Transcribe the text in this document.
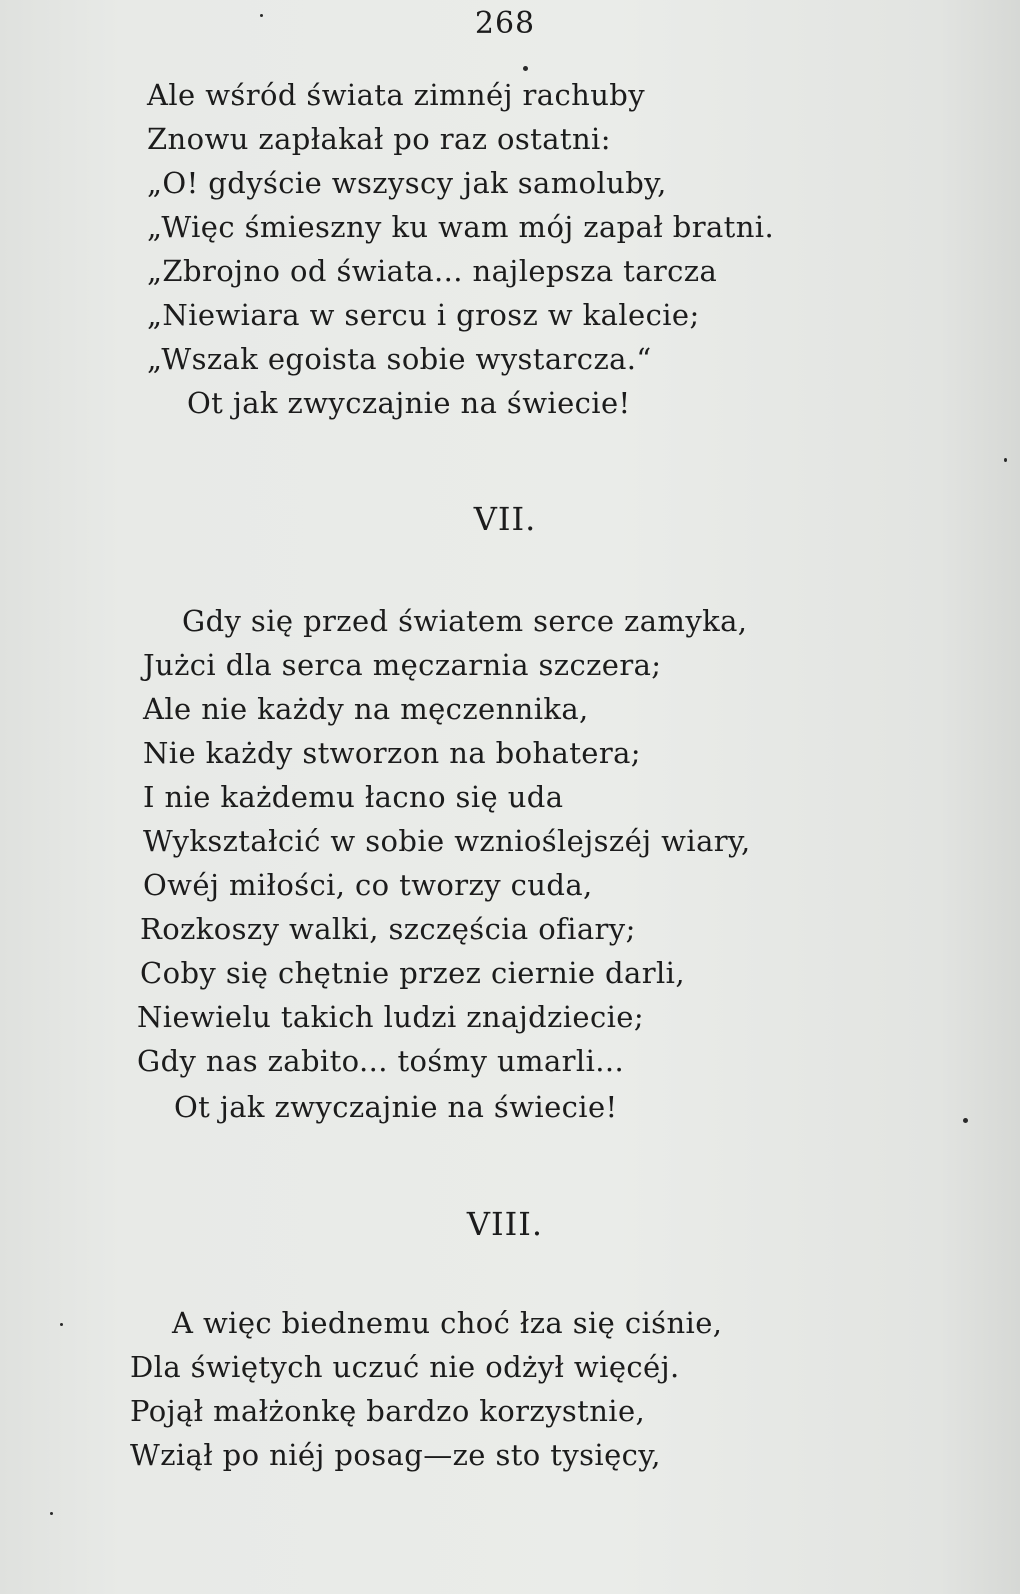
268
Ale wśród świata zimnéj rachuby
Znowu zapłakał po raz ostatni:
„O! gdyście wszyscy jak samoluby,
„Więc śmieszny ku wam mój zapał bratni.
„Zbrojno od świata... najlepsza tarcza
„Niewiara w sercu i grosz w kalecie;
„Wszak egoista sobie wystarcza.“
Ot jak zwyczajnie na świecie!
VII.
Gdy się przed światem serce zamyka,
Jużci dla serca męczarnia szczera;
Ale nie każdy na męczennika,
Nie każdy stworzon na bohatera;
I nie każdemu łacno się uda
Wykształcić w sobie wznioślejszéj wiary,
Owéj miłości, co tworzy cuda,
Rozkoszy walki, szczęścia ofiary;
Coby się chętnie przez ciernie darli,
Niewielu takich ludzi znajdziecie;
Gdy nas zabito... tośmy umarli...
Ot jak zwyczajnie na świecie!
VIII.
A więc biednemu choć łza się ciśnie,
Dla świętych uczuć nie odżył więcéj.
Pojął małżonkę bardzo korzystnie,
Wziął po niéj posag—ze sto tysięcy,
